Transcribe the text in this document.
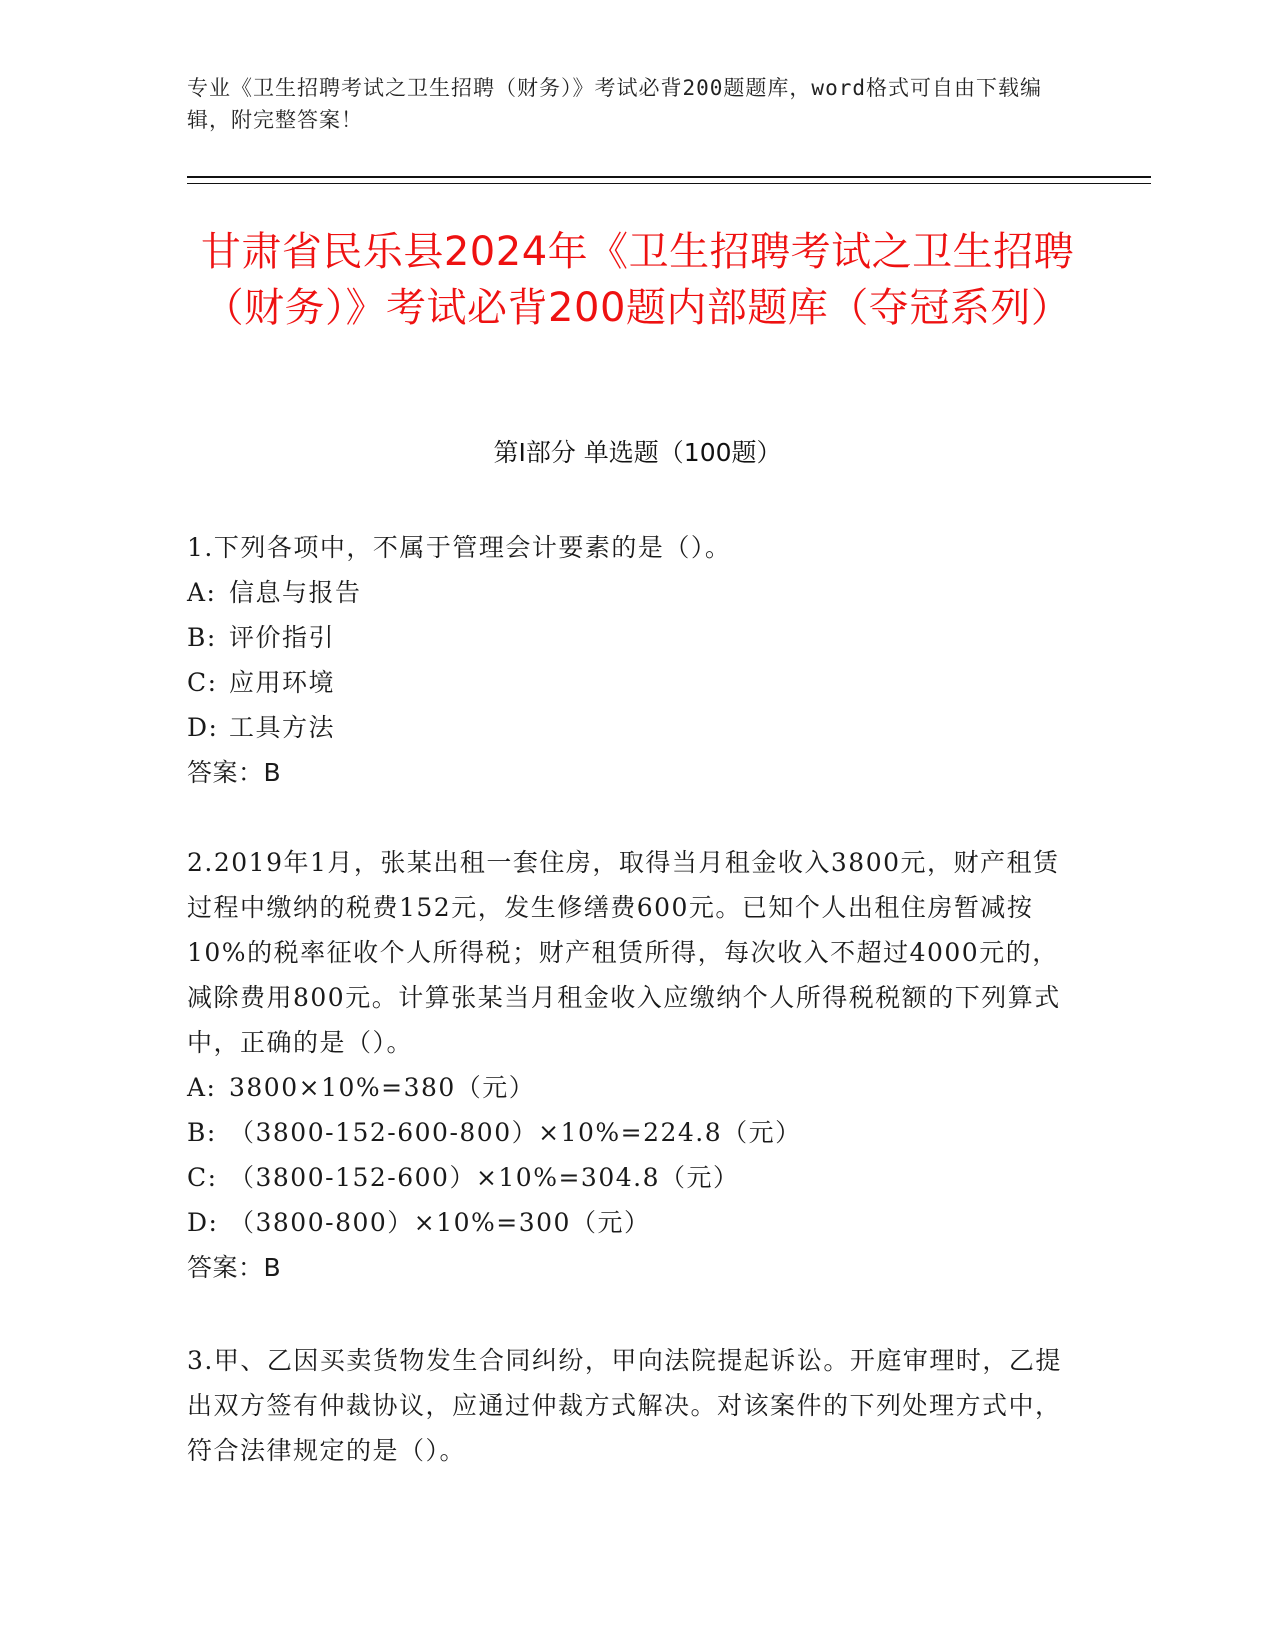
专业《卫生招聘考试之卫生招聘（财务）》考试必背200题题库，word格式可自由下载编辑，附完整答案！
甘肃省民乐县2024年《卫生招聘考试之卫生招聘（财务）》考试必背200题内部题库（夺冠系列）
第Ⅰ部分 单选题（100题）

1.下列各项中，不属于管理会计要素的是（）。

A: 信息与报告

B: 评价指引

C: 应用环境

D: 工具方法

答案：B

2.2019年1月，张某出租一套住房，取得当月租金收入3800元，财产租赁过程中缴纳的税费152元，发生修缮费600元。已知个人出租住房暂减按10%的税率征收个人所得税；财产租赁所得，每次收入不超过4000元的，减除费用800元。计算张某当月租金收入应缴纳个人所得税税额的下列算式中，正确的是（）。

A: 3800×10%=380（元）

B: （3800-152-600-800）×10%=224.8（元）

C: （3800-152-600）×10%=304.8（元）

D: （3800-800）×10%=300（元）

答案：B

3.甲、乙因买卖货物发生合同纠纷，甲向法院提起诉讼。开庭审理时，乙提出双方签有仲裁协议，应通过仲裁方式解决。对该案件的下列处理方式中，符合法律规定的是（）。
